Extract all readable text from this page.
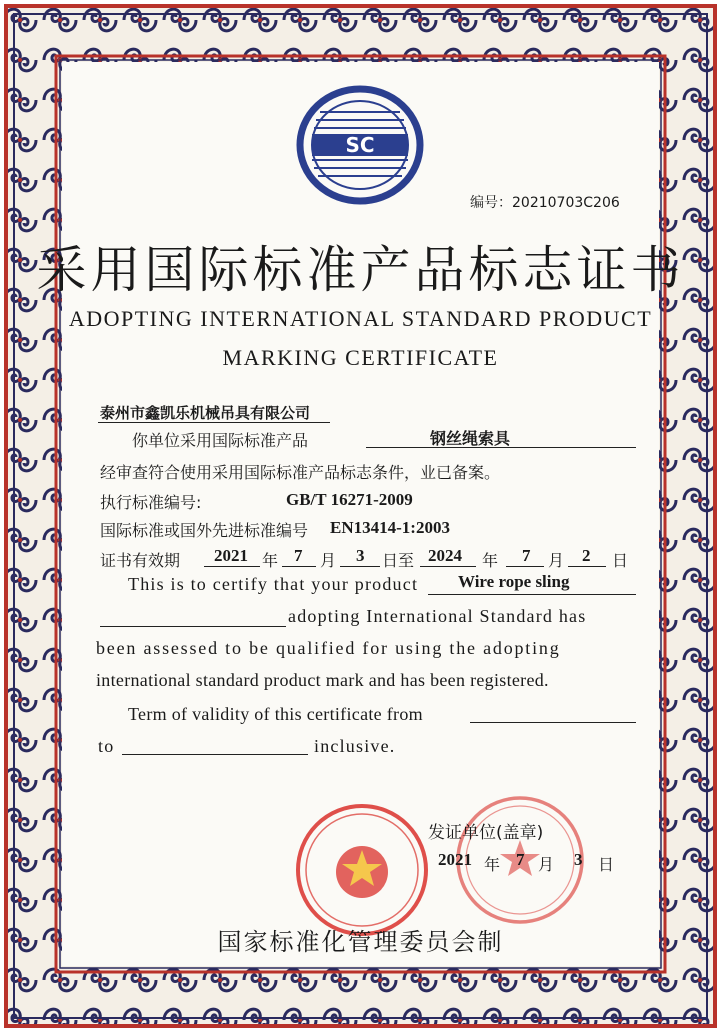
SC
编号：20210703C206
采用国际标准产品标志证书
ADOPTING INTERNATIONAL STANDARD PRODUCT
MARKING CERTIFICATE
泰州市鑫凯乐机械吊具有限公司
你单位采用国际标准产品	钢丝绳索具
经审查符合使用采用国际标准产品标志条件，业已备案。
执行标准编号:	GB/T 16271-2009
国际标准或国外先进标准编号 EN13414-1:2003
证书有效期 2021 年 7 月 3 日至 2024 年 7 月 2 日
This is to certify that your product Wire rope sling
adopting International Standard has
been assessed to be qualified for using the adopting
international standard product mark and has been registered.
Term of validity of this certificate from
to	inclusive.
发证单位(盖章)
2021 年 7 月 3 日
国家标准化管理委员会制
